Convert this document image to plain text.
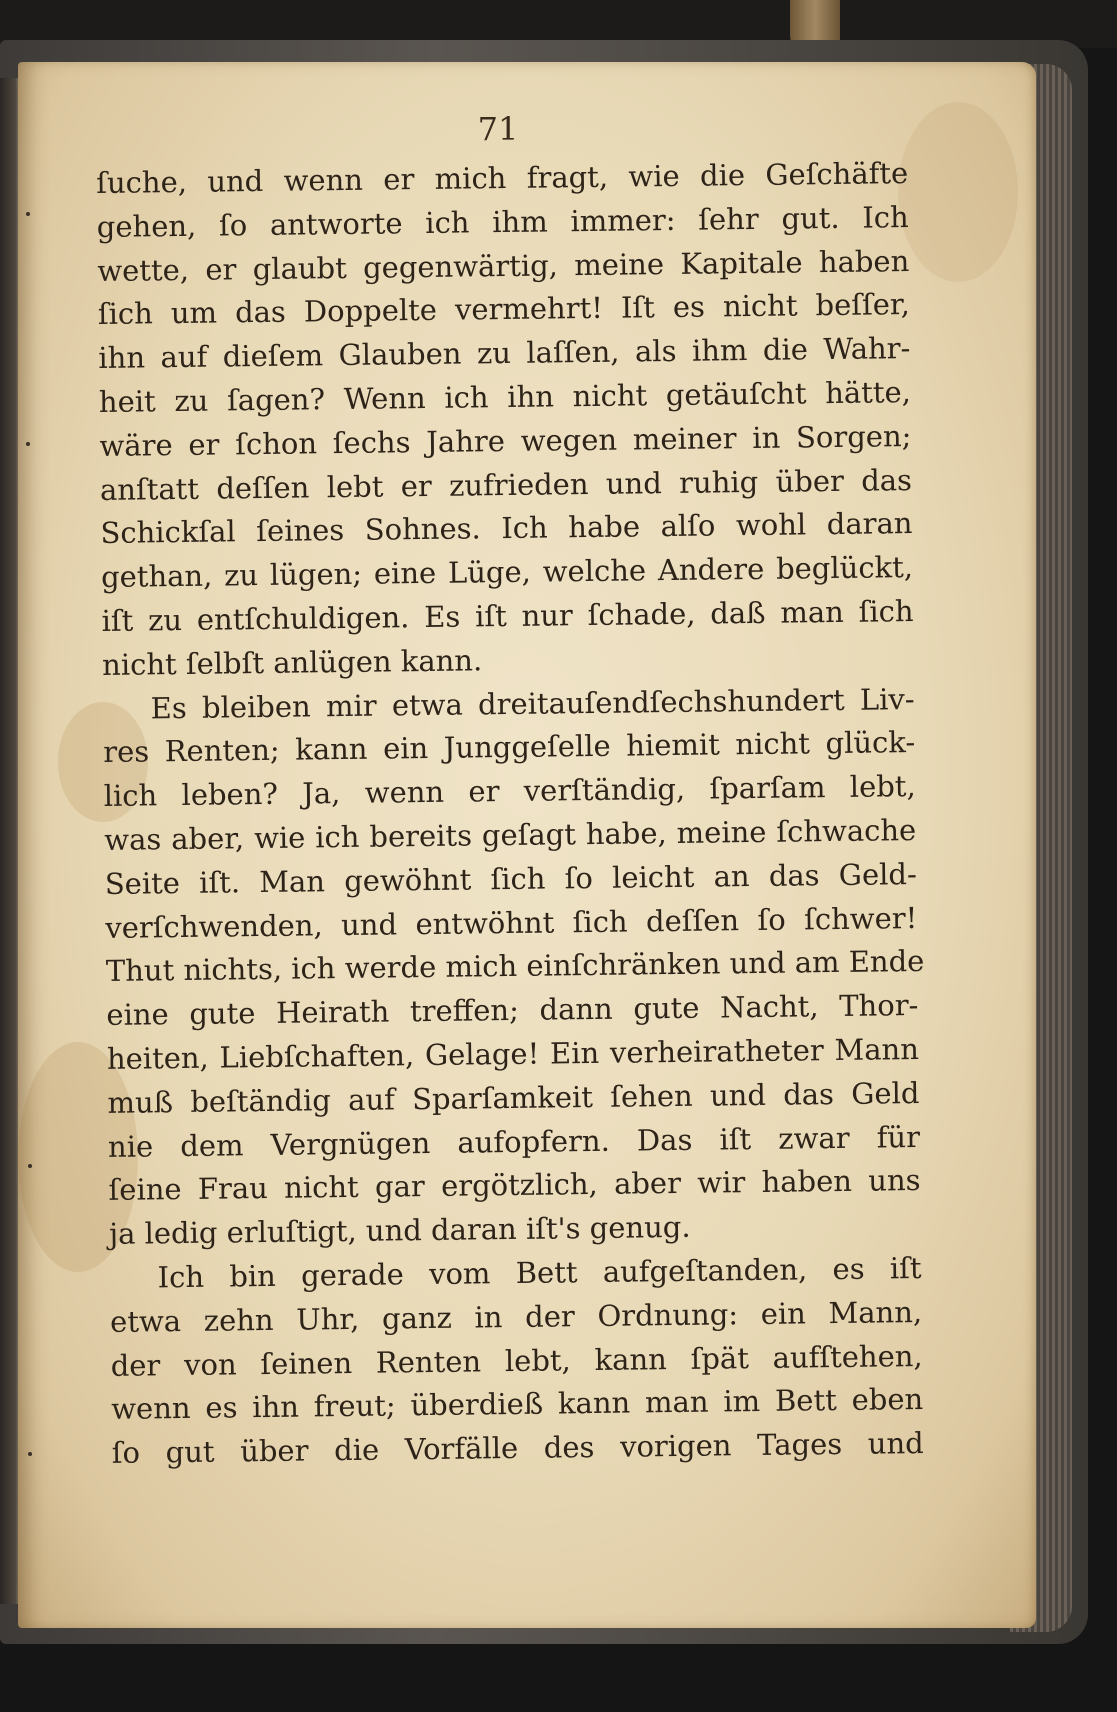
71
ſuche, und wenn er mich fragt, wie die Geſchäfte
gehen, ſo antworte ich ihm immer: ſehr gut. Ich
wette, er glaubt gegenwärtig, meine Kapitale haben
ſich um das Doppelte vermehrt! Iſt es nicht beſſer,
ihn auf dieſem Glauben zu laſſen, als ihm die Wahr-
heit zu ſagen? Wenn ich ihn nicht getäuſcht hätte,
wäre er ſchon ſechs Jahre wegen meiner in Sorgen;
anſtatt deſſen lebt er zufrieden und ruhig über das
Schickſal ſeines Sohnes. Ich habe alſo wohl daran
gethan, zu lügen; eine Lüge, welche Andere beglückt,
iſt zu entſchuldigen. Es iſt nur ſchade, daß man ſich
nicht ſelbſt anlügen kann.
Es bleiben mir etwa dreitauſendſechshundert Liv-
res Renten; kann ein Junggeſelle hiemit nicht glück-
lich leben? Ja, wenn er verſtändig, ſparſam lebt,
was aber, wie ich bereits geſagt habe, meine ſchwache
Seite iſt. Man gewöhnt ſich ſo leicht an das Geld-
verſchwenden, und entwöhnt ſich deſſen ſo ſchwer!
Thut nichts, ich werde mich einſchränken und am Ende
eine gute Heirath treffen; dann gute Nacht, Thor-
heiten, Liebſchaften, Gelage! Ein verheiratheter Mann
muß beſtändig auf Sparſamkeit ſehen und das Geld
nie dem Vergnügen aufopfern. Das iſt zwar für
ſeine Frau nicht gar ergötzlich, aber wir haben uns
ja ledig erluſtigt, und daran iſt's genug.
Ich bin gerade vom Bett aufgeſtanden, es iſt
etwa zehn Uhr, ganz in der Ordnung: ein Mann,
der von ſeinen Renten lebt, kann ſpät aufſtehen,
wenn es ihn freut; überdieß kann man im Bett eben
ſo gut über die Vorfälle des vorigen Tages und
